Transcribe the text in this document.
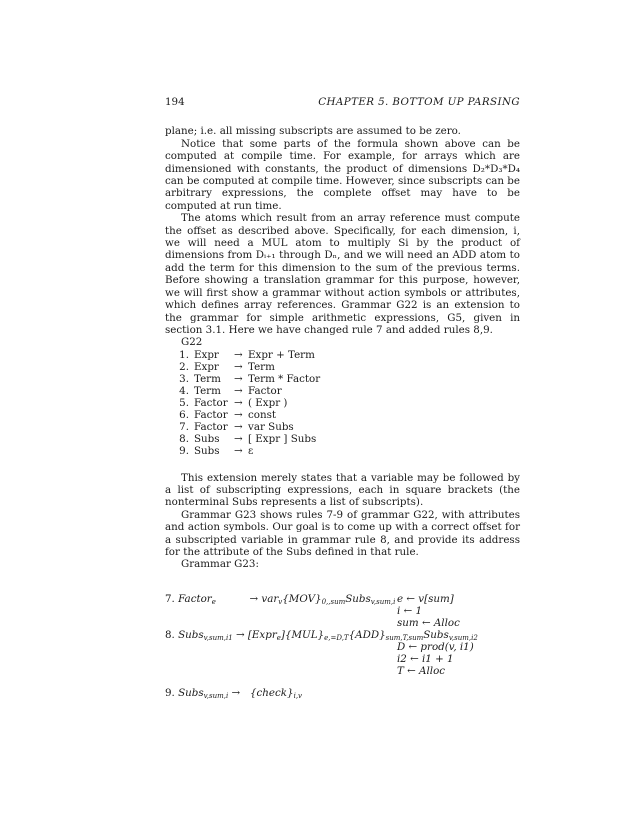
194	CHAPTER 5. BOTTOM UP PARSING

plane; i.e. all missing subscripts are assumed to be zero.

Notice that some parts of the formula shown above can be computed at compile time. For example, for arrays which are dimensioned with constants, the product of dimensions D₂*D₃*D₄ can be computed at compile time. However, since subscripts can be arbitrary expressions, the complete offset may have to be computed at run time.

The atoms which result from an array reference must compute the offset as described above. Specifically, for each dimension, i, we will need a MUL atom to multiply Si by the product of dimensions from Dᵢ₊₁ through Dₙ, and we will need an ADD atom to add the term for this dimension to the sum of the previous terms. Before showing a translation grammar for this purpose, however, we will first show a grammar without action symbols or attributes, which defines array references. Grammar G22 is an extension to the grammar for simple arithmetic expressions, G5, given in section 3.1. Here we have changed rule 7 and added rules 8,9.

G22
1.	Expr	→	Expr + Term
2.	Expr	→	Term
3.	Term	→	Term * Factor
4.	Term	→	Factor
5.	Factor	→	( Expr )
6.	Factor	→	const
7.	Factor	→	var Subs
8.	Subs	→	[ Expr ] Subs
9.	Subs	→	ε

This extension merely states that a variable may be followed by a list of subscripting expressions, each in square brackets (the nonterminal Subs represents a list of subscripts).

Grammar G23 shows rules 7-9 of grammar G22, with attributes and action symbols. Our goal is to come up with a correct offset for a subscripted variable in grammar rule 8, and provide its address for the attribute of the Subs defined in that rule.

Grammar G23:
7. Factor$_e$	→ $var_v\{MOV\}_{0,,sum}Subs_{v,sum,i}$ e ← v[sum]
i ← 1
sum ← Alloc
8. Subs$_{v,sum,i1}$ → $[Expr_e]\{MUL\}_{e,=D,T}\{ADD\}_{sum,T,sum}Subs_{v,sum,i2}$
D ← prod(v, i1)
i2 ← i1 + 1
T ← Alloc
9. Subs$_{v,sum,i}$ → $\{check\}_{i,v}$
